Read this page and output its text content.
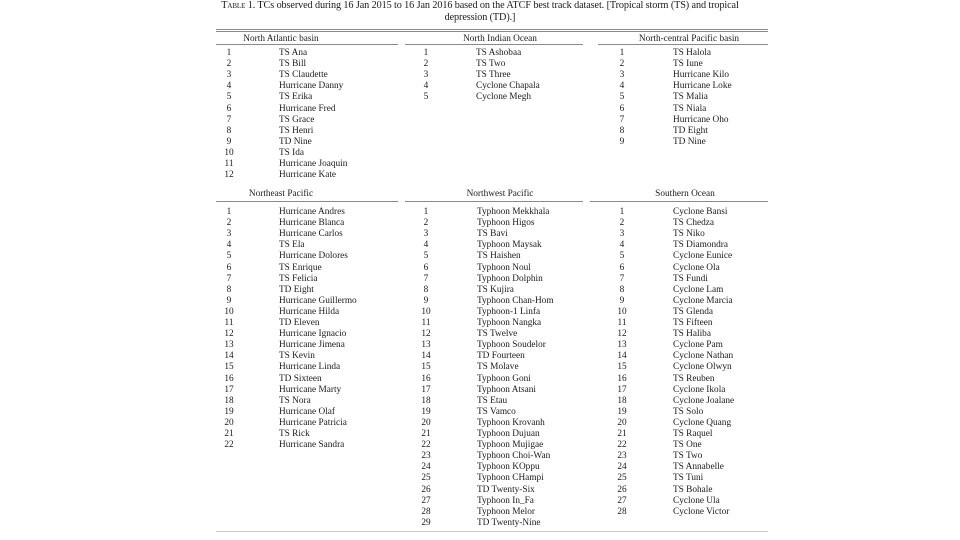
Table 1. TCs observed during 16 Jan 2015 to 16 Jan 2016 based on the ATCF best track dataset. [Tropical storm (TS) and tropical depression (TD).]
North Atlantic basin
1	TS Ana
2	TS Bill
3	TS Claudette
4	Hurricane Danny
5	TS Erika
6	Hurricane Fred
7	TS Grace
8	TS Henri
9	TD Nine
10	TS Ida
11	Hurricane Joaquin
12	Hurricane Kate
North Indian Ocean
1	TS Ashobaa
2	TS Two
3	TS Three
4	Cyclone Chapala
5	Cyclone Megh
North-central Pacific basin
1	TS Halola
2	TS Iune
3	Hurricane Kilo
4	Hurricane Loke
5	TS Malia
6	TS Niala
7	Hurricane Oho
8	TD Eight
9	TD Nine
Northeast Pacific
1	Hurricane Andres
2	Hurricane Blanca
3	Hurricane Carlos
4	TS Ela
5	Hurricane Dolores
6	TS Enrique
7	TS Felicia
8	TD Eight
9	Hurricane Guillermo
10	Hurricane Hilda
11	TD Eleven
12	Hurricane Ignacio
13	Hurricane Jimena
14	TS Kevin
15	Hurricane Linda
16	TD Sixteen
17	Hurricane Marty
18	TS Nora
19	Hurricane Olaf
20	Hurricane Patricia
21	TS Rick
22	Hurricane Sandra
Northwest Pacific
1	Typhoon Mekkhala
2	Typhoon Higos
3	TS Bavi
4	Typhoon Maysak
5	TS Haishen
6	Typhoon Noul
7	Typhoon Dolphin
8	TS Kujira
9	Typhoon Chan-Hom
10	Typhoon-1 Linfa
11	Typhoon Nangka
12	TS Twelve
13	Typhoon Soudelor
14	TD Fourteen
15	TS Molave
16	Typhoon Goni
17	Typhoon Atsani
18	TS Etau
19	TS Vamco
20	Typhoon Krovanh
21	Typhoon Dujuan
22	Typhoon Mujigae
23	Typhoon Choi-Wan
24	Typhoon KOppu
25	Typhoon CHampi
26	TD Twenty-Six
27	Typhoon In_Fa
28	Typhoon Melor
29	TD Twenty-Nine
Southern Ocean
1	Cyclone Bansi
2	TS Chedza
3	TS Niko
4	TS Diamondra
5	Cyclone Eunice
6	Cyclone Ola
7	TS Fundi
8	Cyclone Lam
9	Cyclone Marcia
10	TS Glenda
11	TS Fifteen
12	TS Haliba
13	Cyclone Pam
14	Cyclone Nathan
15	Cyclone Olwyn
16	TS Reuben
17	Cyclone Ikola
18	Cyclone Joalane
19	TS Solo
20	Cyclone Quang
21	TS Raquel
22	TS One
23	TS Two
24	TS Annabelle
25	TS Tuni
26	TS Bohale
27	Cyclone Ula
28	Cyclone Victor
